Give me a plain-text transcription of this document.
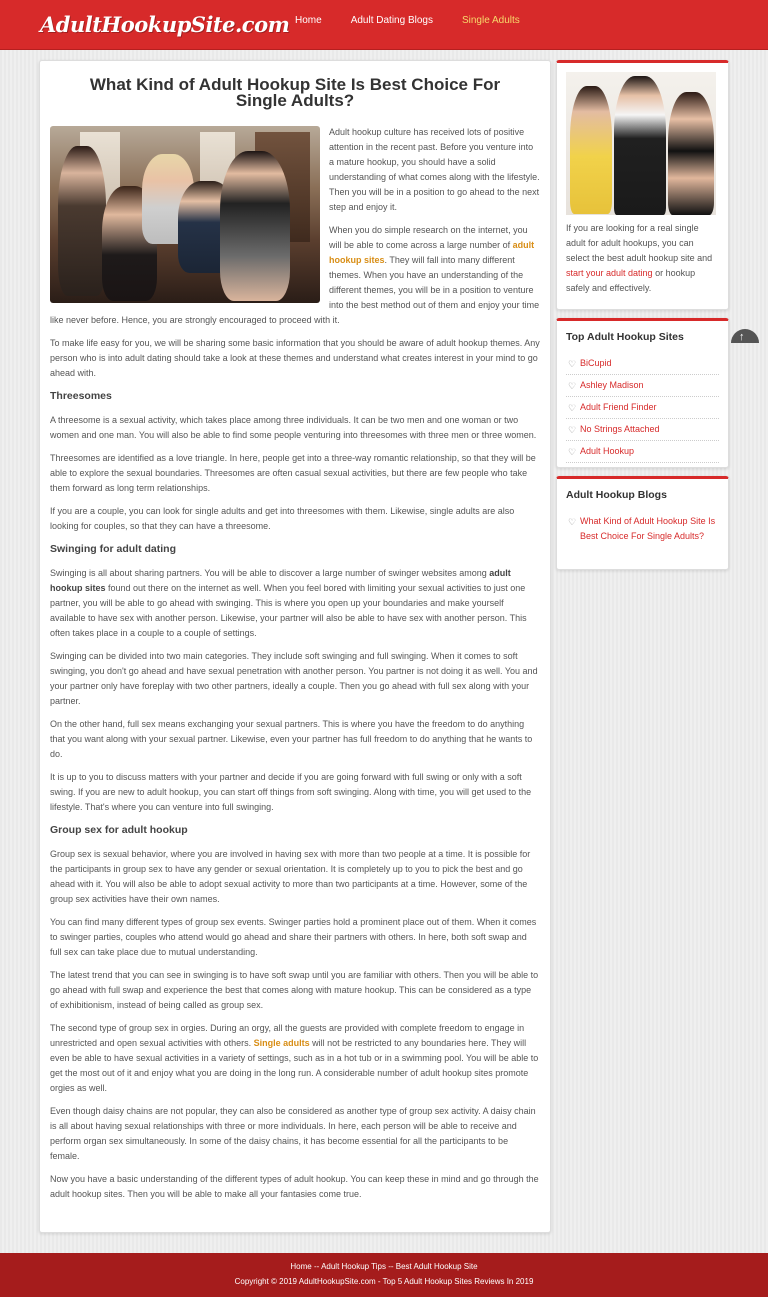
AdultHookupSite.com Home	Adult Dating Blogs	Single Adults
What Kind of Adult Hookup Site Is Best Choice For Single Adults?

Adult hookup culture has received lots of positive attention in the recent past. Before you venture into a mature hookup, you should have a solid understanding of what comes along with the lifestyle. Then you will be in a position to go ahead to the next step and enjoy it.

When you do simple research on the internet, you will be able to come across a large number of adult hookup sites. They will fall into many different themes. When you have an understanding of the different themes, you will be in a position to venture into the best method out of them and enjoy your time like never before. Hence, you are strongly encouraged to proceed with it.

To make life easy for you, we will be sharing some basic information that you should be aware of adult hookup themes. Any person who is into adult dating should take a look at these themes and understand what creates interest in your mind to go ahead with.

Threesomes

A threesome is a sexual activity, which takes place among three individuals. It can be two men and one woman or two women and one man. You will also be able to find some people venturing into threesomes with three men or three women.

Threesomes are identified as a love triangle. In here, people get into a three-way romantic relationship, so that they will be able to explore the sexual boundaries. Threesomes are often casual sexual activities, but there are few people who take them forward as long term relationships.

If you are a couple, you can look for single adults and get into threesomes with them. Likewise, single adults are also looking for couples, so that they can have a threesome.

Swinging for adult dating

Swinging is all about sharing partners. You will be able to discover a large number of swinger websites among adult hookup sites found out there on the internet as well. When you feel bored with limiting your sexual activities to just one partner, you will be able to go ahead with swinging. This is where you open up your boundaries and make yourself available to have sex with another person. Likewise, your partner will also be able to have sex with another person. This often takes place in a couple to a couple of settings.

Swinging can be divided into two main categories. They include soft swinging and full swinging. When it comes to soft swinging, you don't go ahead and have sexual penetration with another person. You partner is not doing it as well. You and your partner only have foreplay with two other partners, ideally a couple. Then you go ahead with full sex along with your partner.

On the other hand, full sex means exchanging your sexual partners. This is where you have the freedom to do anything that you want along with your sexual partner. Likewise, even your partner has full freedom to do anything that he wants to do.

It is up to you to discuss matters with your partner and decide if you are going forward with full swing or only with a soft swing. If you are new to adult hookup, you can start off things from soft swinging. Along with time, you will get used to the lifestyle. That's where you can venture into full swinging.

Group sex for adult hookup

Group sex is sexual behavior, where you are involved in having sex with more than two people at a time. It is possible for the participants in group sex to have any gender or sexual orientation. It is completely up to you to pick the best and go ahead with it. You will also be able to adopt sexual activity to more than two participants at a time. However, some of the group sex activities have their own names.

You can find many different types of group sex events. Swinger parties hold a prominent place out of them. When it comes to swinger parties, couples who attend would go ahead and share their partners with others. In here, both soft swap and full sex can take place due to mutual understanding.

The latest trend that you can see in swinging is to have soft swap until you are familiar with others. Then you will be able to go ahead with full swap and experience the best that comes along with mature hookup. This can be considered as a type of exhibitionism, instead of being called as group sex.

The second type of group sex in orgies. During an orgy, all the guests are provided with complete freedom to engage in unrestricted and open sexual activities with others. Single adults will not be restricted to any boundaries here. They will even be able to have sexual activities in a variety of settings, such as in a hot tub or in a swimming pool. You will be able to get the most out of it and enjoy what you are doing in the long run. A considerable number of adult hookup sites promote orgies as well.

Even though daisy chains are not popular, they can also be considered as another type of group sex activity. A daisy chain is all about having sexual relationships with three or more individuals. In here, each person will be able to receive and perform organ sex simultaneously. In some of the daisy chains, it has become essential for all the participants to be female.

Now you have a basic understanding of the different types of adult hookup. You can keep these in mind and go through the adult hookup sites. Then you will be able to make all your fantasies come true.

If you are looking for a real single adult for adult hookups, you can select the best adult hookup site and start your adult dating or hookup safely and effectively.
Top Adult Hookup Sites
♡ BiCupid
♡ Ashley Madison
♡ Adult Friend Finder
♡ No Strings Attached
♡ Adult Hookup
Adult Hookup Blogs
♡ What Kind of Adult Hookup Site Is Best Choice For Single Adults?
↑
Home -- Adult Hookup Tips -- Best Adult Hookup Site
Copyright © 2019 AdultHookupSite.com - Top 5 Adult Hookup Sites Reviews In 2019
